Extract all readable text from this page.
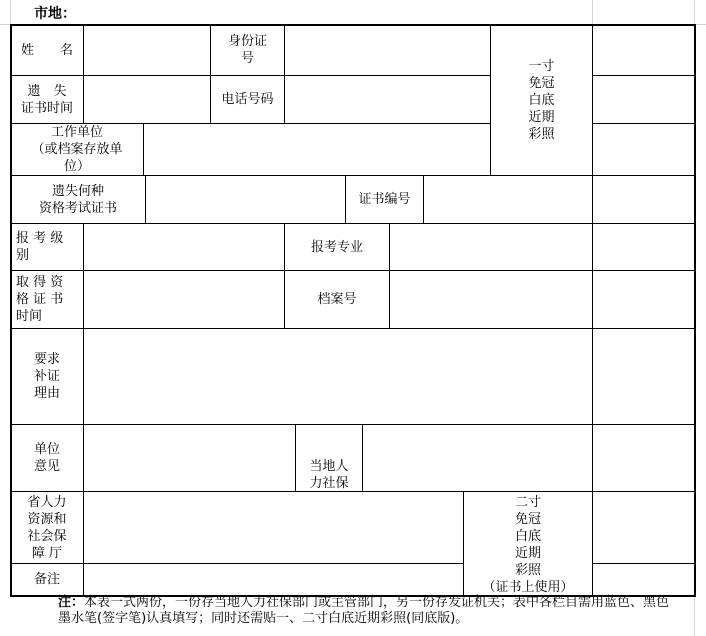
市地：
姓　　名
身份证
号
遗　失
证书时间
电话号码
一寸
免冠
白底
近期
彩照
工作单位
（或档案存放单
位）
遗失何种
资格考试证书
证书编号
报 考 级
别
报考专业
取 得 资
格 证 书
时间
档案号
要求
补证
理由
单位
意见	当地人
力社保
省人力
资源和
社会保
障 厅
二寸
免冠
白底
近期
彩照
（证书上使用）
备注
注：本表一式两份，一份存当地人力社保部门或主管部门，另一份存发证机关；表中各栏目需用蓝色、黑色墨水笔(签字笔)认真填写；同时还需贴一、二寸白底近期彩照(同底版)。
